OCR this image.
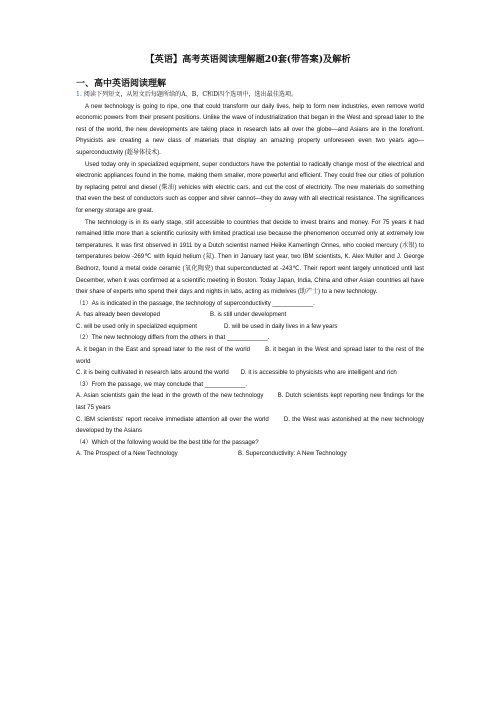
【英语】高考英语阅读理解题20套(带答案)及解析
一、高中英语阅读理解

1. 阅读下列短文，从短文后每题所给的A、B、C和D四个选项中，选出最佳选项。

A new technology is going to ripe, one that could transform our daily lives, help to form new industries, even remove world economic powers from their present positions. Unlike the wave of industrialization that began in the West and spread later to the rest of the world, the new developments are taking place in research labs all over the globe—and Asians are in the forefront. Physicists are creating a new class of materials that display an amazing property unforeseen even two years ago—superconductivity (超导体技术).

Used today only in specialized equipment, super conductors have the potential to radically change most of the electrical and electronic appliances found in the home, making them smaller, more powerful and efficient. They could free our cities of pollution by replacing petrol and diesel (柴油) vehicles with electric cars, and cut the cost of electricity. The new materials do something that even the best of conductors such as copper and silver cannot—they do away with all electrical resistance. The significances for energy storage are great.

The technology is in its early stage, still accessible to countries that decide to invest brains and money. For 75 years it had remained little more than a scientific curiosity with limited practical use because the phenomenon occurred only at extremely low temperatures. It was first observed in 1911 by a Dutch scientist named Heike Kamerlingh Onnes, who cooled mercury (水银) to temperatures below -269℃ with liquid helium (氦). Then in January last year, two IBM scientists, K. Alex Muller and J. Georgе Bednorz, found a metal oxide ceramic (氧化陶瓷) that superconducted at -243℃. Their report went largely unnoticed until last December, when it was confirmed at a scientific meeting in Boston. Today Japan, India, China and other Asian countries all have their share of experts who spend their days and nights in labs, acting as midwives (助产士) to a new technology.

（1）As is indicated in the passage, the technology of superconductivity ____________.

A. has already been developed	B. is still under development
C. will be used only in specialized equipment	D. will be used in daily lives in a few years

（2）The new technology differs from the others in that ____________.

A. it began in the East and spread later to the rest of the world B. it began in the West and spread later to the rest of the world

C. it is being cultivated in research labs around the world D. it is accessible to physicists who are intelligent and rich

（3）From the passage, we may conclude that ____________.

A. Asian scientists gain the lead in the growth of the new technology B. Dutch scientists kept reporting new findings for the last 75 years

C. IBM scientists' report receive immediate attention all over the world D. the West was astonished at the new technology developed by the Asians

（4）Which of the following would be the best title for the passage?

A. The Prospect of a New Technology	B. Superconductivity: A New Technology
